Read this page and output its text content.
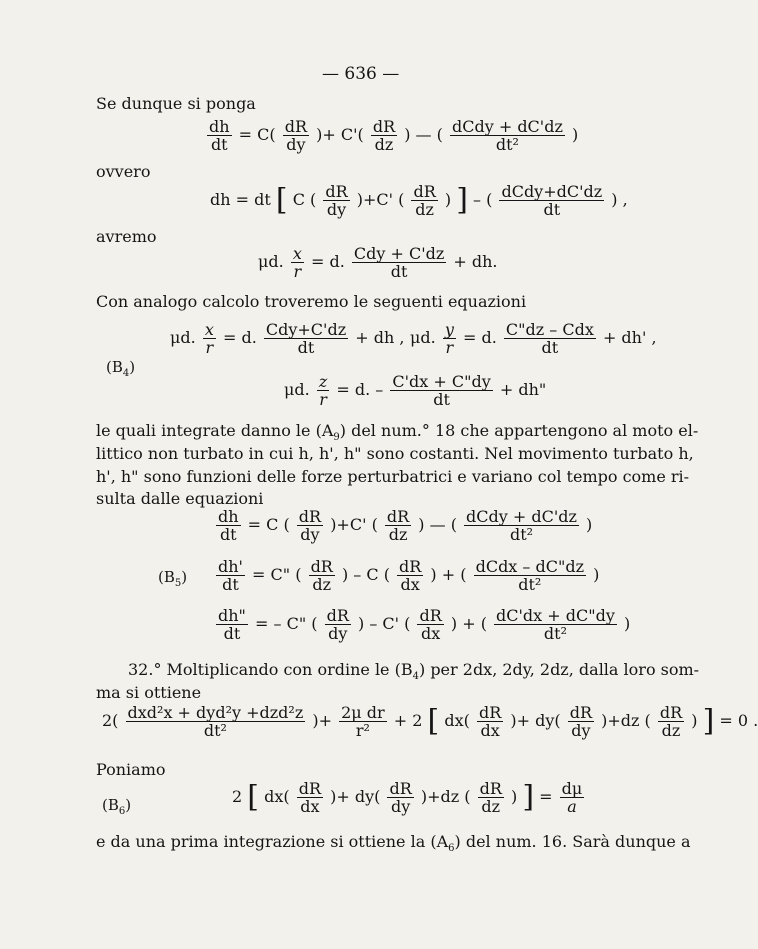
— 636 —
Se dunque si ponga
$\frac{dh}{dt} = C( \frac{dR}{dy}$ )+ $C'( \frac{dR}{dz}$ ) — ( $\frac{\text{dCdy + dC'dz}}{\text{dt²}}$ )
ovvero
dh = dt [ C ( $\frac{dR}{dy} )+C'$ ( $\frac{dR}{dz}$ ) ] – ( $\frac{\text{dCdy+dC'dz}}{dt}$ ) ,
avremo
μd. $\frac{x}{r} = d$. $\frac{\text{Cdy + C'dz}}{dt}$ + dh.
Con analogo calcolo troveremo le seguenti equazioni
μd. $\frac{x}{r} = d$. $\frac{\text{Cdy+C'dz}}{dt}$ + dh , μd. $\frac{y}{r} = d$. $\frac{\text{C"dz – Cdx}}{dt} + dh'$ ,
$(B_4)$
μd. $\frac{z}{r} = d$. – $\frac{C'dx + C"dy}{dt}$ + dh"
le quali integrate danno le $(A_9)$ del num.° 18 che appartengono al moto el-
littico non turbato in cui h, h', h" sono costanti. Nel movimento turbato h,
h', h" sono funzioni delle forze perturbatrici e variano col tempo come ri-
sulta dalle equazioni
$\frac{dh}{dt} = C$ ( $\frac{dR}{dy} )+C'$ ( $\frac{dR}{dz}$ ) — ( $\frac{\text{dCdy + dC'dz}}{\text{dt²}}$ )
$(B_5) \frac{dh'}{dt} = C$" ( $\frac{dR}{dz}$ ) – C ( $\frac{dR}{dx}$ ) + ( $\frac{\text{dCdx – dC"dz}}{\text{dt²}}$ )
$\frac{dh"}{dt}$ = – C" ( $\frac{dR}{dy}$ ) – C' ( $\frac{dR}{dx}$ ) + ( $\frac{dC'dx + dC"dy}{\text{dt²}}$ )
32.° Moltiplicando con ordine le $(B_4)$ per 2dx, 2dy, 2dz, dalla loro som-
ma si ottiene
$2( \frac{\text{dxd²x + dyd²y +dzd²z}}{\text{dt²}}$ )+ $\frac{\text{2μ dr}}{\text{r²}} + 2$ [ $dx( \frac{dR}{dx}$ )+ $dy( \frac{dR}{dy} )+dz$ ( $\frac{dR}{dz}$ ) ] = 0 .
Poniamo
$(B_6)$	2 [ $dx( \frac{dR}{dx}$ )+ $dy( \frac{dR}{dy} )+dz$ ( $\frac{dR}{dz}$ ) ] = $\frac{d\mu}{a}$
e da una prima integrazione si ottiene la $(A_6)$ del num. 16. Sarà dunque a
